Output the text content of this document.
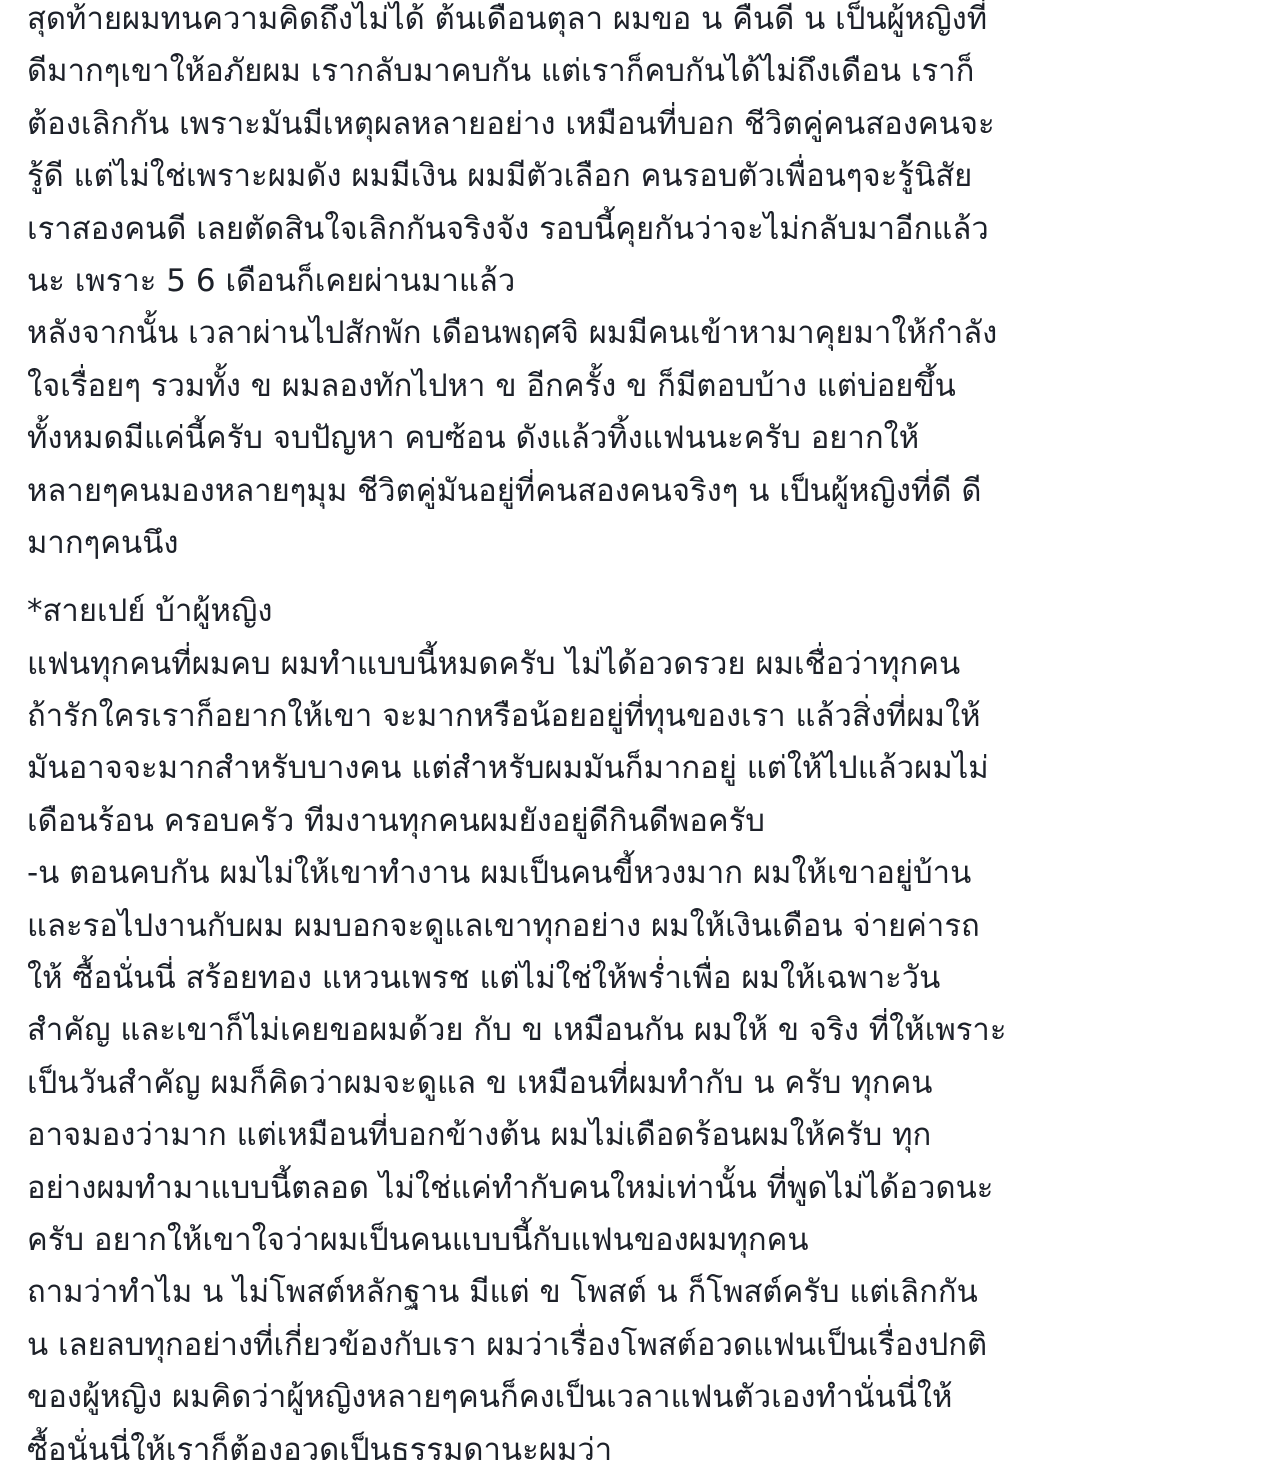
สุดท้ายผมทนความคิดถึงไม่ได้ ต้นเดือนตุลา ผมขอ น คืนดี น เป็นผู้หญิงที่
ดีมากๆเขาให้อภัยผม เรากลับมาคบกัน แต่เราก็คบกันได้ไม่ถึงเดือน เราก็
ต้องเลิกกัน เพราะมันมีเหตุผลหลายอย่าง เหมือนที่บอก ชีวิตคู่คนสองคนจะ
รู้ดี แต่ไม่ใช่เพราะผมดัง ผมมีเงิน ผมมีตัวเลือก คนรอบตัวเพื่อนๆจะรู้นิสัย
เราสองคนดี เลยตัดสินใจเลิกกันจริงจัง รอบนี้คุยกันว่าจะไม่กลับมาอีกแล้ว
นะ เพราะ 5 6 เดือนก็เคยผ่านมาแล้ว
หลังจากนั้น เวลาผ่านไปสักพัก เดือนพฤศจิ ผมมีคนเข้าหามาคุยมาให้กำลัง
ใจเรื่อยๆ รวมทั้ง ข ผมลองทักไปหา ข อีกครั้ง ข ก็มีตอบบ้าง แต่บ่อยขึ้น
ทั้งหมดมีแค่นี้ครับ จบปัญหา คบซ้อน ดังแล้วทิ้งแฟนนะครับ อยากให้
หลายๆคนมองหลายๆมุม ชีวิตคู่มันอยู่ที่คนสองคนจริงๆ น เป็นผู้หญิงที่ดี ดี
มากๆคนนึง
*สายเปย์ บ้าผู้หญิง
แฟนทุกคนที่ผมคบ ผมทำแบบนี้หมดครับ ไม่ได้อวดรวย ผมเชื่อว่าทุกคน
ถ้ารักใครเราก็อยากให้เขา จะมากหรือน้อยอยู่ที่ทุนของเรา แล้วสิ่งที่ผมให้
มันอาจจะมากสำหรับบางคน แต่สำหรับผมมันก็มากอยู่ แต่ให้ไปแล้วผมไม่
เดือนร้อน ครอบครัว ทีมงานทุกคนผมยังอยู่ดีกินดีพอครับ
-น ตอนคบกัน ผมไม่ให้เขาทำงาน ผมเป็นคนขี้หวงมาก ผมให้เขาอยู่บ้าน
และรอไปงานกับผม ผมบอกจะดูแลเขาทุกอย่าง ผมให้เงินเดือน จ่ายค่ารถ
ให้ ซื้อนั่นนี่ สร้อยทอง แหวนเพรช แต่ไม่ใช่ให้พร่ำเพื่อ ผมให้เฉพาะวัน
สำคัญ และเขาก็ไม่เคยขอผมด้วย กับ ข เหมือนกัน ผมให้ ข จริง ที่ให้เพราะ
เป็นวันสำคัญ ผมก็คิดว่าผมจะดูแล ข เหมือนที่ผมทำกับ น ครับ ทุกคน
อาจมองว่ามาก แต่เหมือนที่บอกข้างต้น ผมไม่เดือดร้อนผมให้ครับ ทุก
อย่างผมทำมาแบบนี้ตลอด ไม่ใช่แค่ทำกับคนใหม่เท่านั้น ที่พูดไม่ได้อวดนะ
ครับ อยากให้เขาใจว่าผมเป็นคนแบบนี้กับแฟนของผมทุกคน
ถามว่าทำไม น ไม่โพสต์หลักฐาน มีแต่ ข โพสต์ น ก็โพสต์ครับ แต่เลิกกัน
น เลยลบทุกอย่างที่เกี่ยวข้องกับเรา ผมว่าเรื่องโพสต์อวดแฟนเป็นเรื่องปกติ
ของผู้หญิง ผมคิดว่าผู้หญิงหลายๆคนก็คงเป็นเวลาแฟนตัวเองทำนั่นนี่ให้
ซื้อนั่นนี่ให้เราก็ต้องอวดเป็นธรรมดานะผมว่า
